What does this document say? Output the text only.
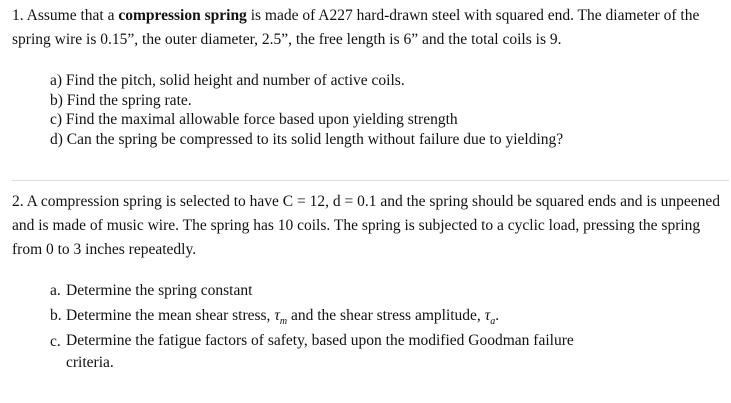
1. Assume that a compression spring is made of A227 hard-drawn steel with squared end. The diameter of the spring wire is 0.15”, the outer diameter, 2.5”, the free length is 6” and the total coils is 9.

a) Find the pitch, solid height and number of active coils.
b) Find the spring rate.
c) Find the maximal allowable force based upon yielding strength
d) Can the spring be compressed to its solid length without failure due to yielding?

2. A compression spring is selected to have C = 12, d = 0.1 and the spring should be squared ends and is unpeened and is made of music wire. The spring has 10 coils. The spring is subjected to a cyclic load, pressing the spring from 0 to 3 inches repeatedly.

a. Determine the spring constant
b. Determine the mean shear stress, $\tau_m$ and the shear stress amplitude, $\tau_a$.
c. Determine the fatigue factors of safety, based upon the modified Goodman failure
criteria.
